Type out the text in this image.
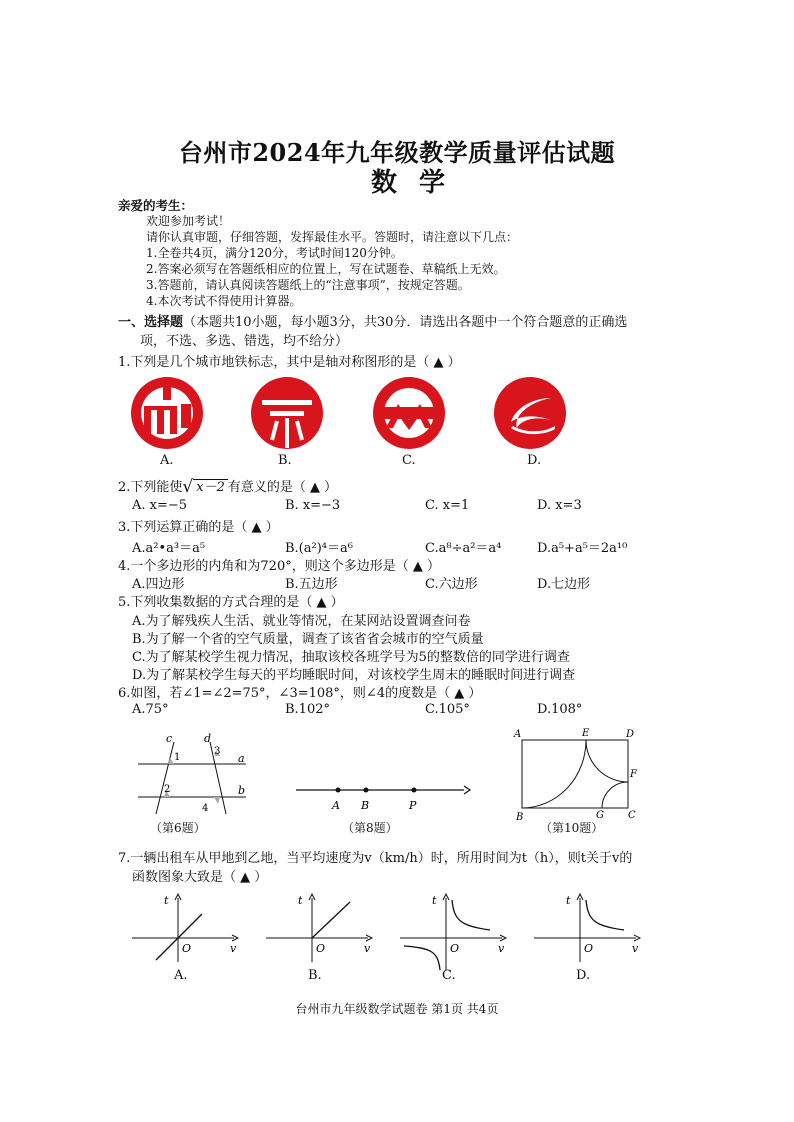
台州市2024年九年级教学质量评估试题
数学
亲爱的考生：
欢迎参加考试！
请你认真审题，仔细答题，发挥最佳水平。答题时，请注意以下几点：
1.全卷共4页，满分120分，考试时间120分钟。
2.答案必须写在答题纸相应的位置上，写在试题卷、草稿纸上无效。
3.答题前，请认真阅读答题纸上的“注意事项”，按规定答题。
4.本次考试不得使用计算器。
一、选择题（本题共10小题，每小题3分，共30分．请选出各题中一个符合题意的正确选
项，不选、多选、错选，均不给分）
1.下列是几个城市地铁标志，其中是轴对称图形的是（ ▲ ）
A.	B.	C.	D.
2.下列能使√ x－2 有意义的是（ ▲ ）
A. x=−5	B. x=−3	C. x=1	D. x=3
3.下列运算正确的是（ ▲ ）
A.a²•a³＝a⁵	B.(a²)⁴＝a⁶	C.a⁸÷a²＝a⁴	D.a⁵+a⁵＝2a¹⁰
4.一个多边形的内角和为720°，则这个多边形是（ ▲ ）
A.四边形	B.五边形	C.六边形	D.七边形
5.下列收集数据的方式合理的是（ ▲ ）
A.为了解残疾人生活、就业等情况，在某网站设置调查问卷
B.为了解一个省的空气质量，调查了该省省会城市的空气质量
C.为了解某校学生视力情况，抽取该校各班学号为5的整数倍的同学进行调查
D.为了解某校学生每天的平均睡眠时间，对该校学生周末的睡眠时间进行调查
6.如图，若∠1=∠2=75°，∠3=108°，则∠4的度数是（ ▲ ）
A.75°	B.102°	C.105°	D.108°
c	d
1
3
a
2	b
4
（第6题）
A B	P
（第8题）
A	E	D
F
B	G C
（第10题）
7.一辆出租车从甲地到乙地，当平均速度为v（km/h）时，所用时间为t（h），则t关于v的
函数图象大致是（ ▲ ）
t
O	v
t
O	v
t
O	v
t
O	v
A.	B.	C.	D.
台州市九年级数学试题卷 第1页 共4页
